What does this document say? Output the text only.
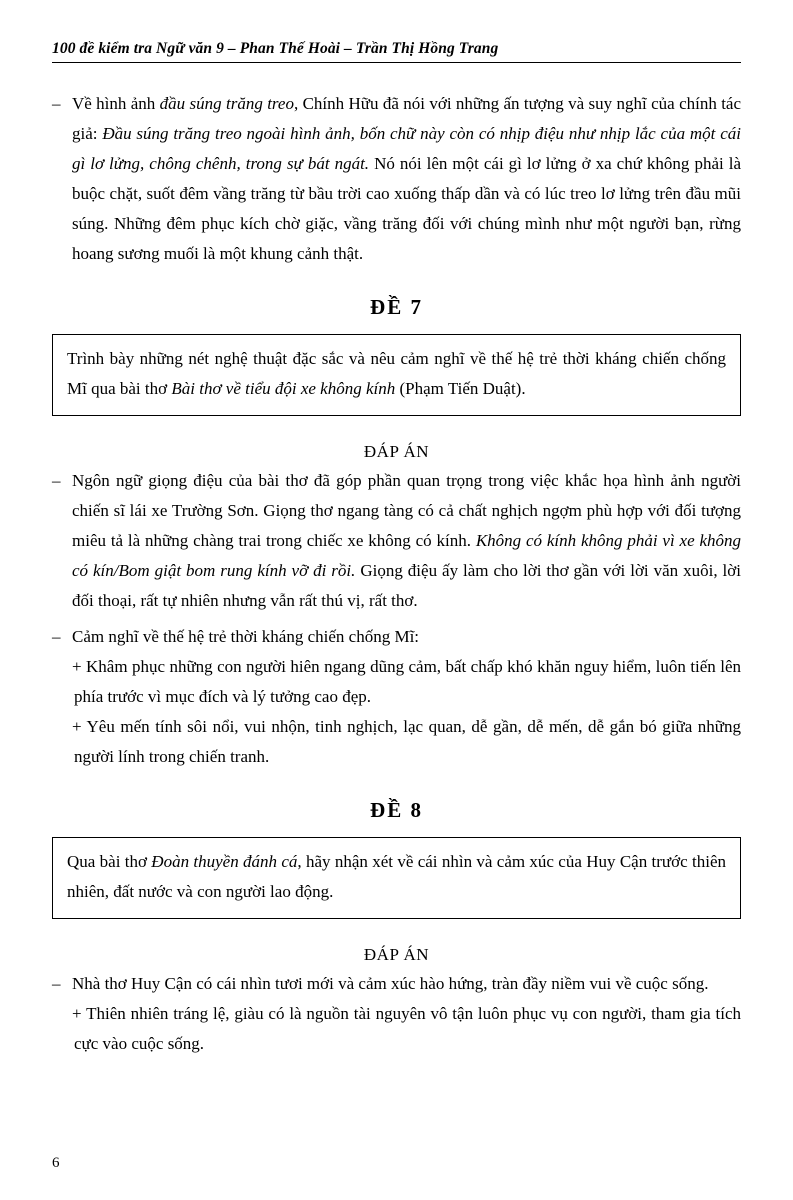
100 đề kiểm tra Ngữ văn 9 – Phan Thế Hoài – Trần Thị Hồng Trang
– Về hình ảnh đầu súng trăng treo, Chính Hữu đã nói với những ấn tượng và suy nghĩ của chính tác giả: Đầu súng trăng treo ngoài hình ảnh, bốn chữ này còn có nhịp điệu như nhịp lắc của một cái gì lơ lửng, chông chênh, trong sự bát ngát. Nó nói lên một cái gì lơ lửng ở xa chứ không phải là buộc chặt, suốt đêm vầng trăng từ bầu trời cao xuống thấp dần và có lúc treo lơ lửng trên đầu mũi súng. Những đêm phục kích chờ giặc, vầng trăng đối với chúng mình như một người bạn, rừng hoang sương muối là một khung cảnh thật.

ĐỀ 7
Trình bày những nét nghệ thuật đặc sắc và nêu cảm nghĩ về thế hệ trẻ thời kháng chiến chống Mĩ qua bài thơ Bài thơ về tiểu đội xe không kính (Phạm Tiến Duật).
ĐÁP ÁN
– Ngôn ngữ giọng điệu của bài thơ đã góp phần quan trọng trong việc khắc họa hình ảnh người chiến sĩ lái xe Trường Sơn. Giọng thơ ngang tàng có cả chất nghịch ngợm phù hợp với đối tượng miêu tả là những chàng trai trong chiếc xe không có kính. Không có kính không phải vì xe không có kín/Bom giật bom rung kính vỡ đi rồi. Giọng điệu ấy làm cho lời thơ gần với lời văn xuôi, lời đối thoại, rất tự nhiên nhưng vẫn rất thú vị, rất thơ.

– Cảm nghĩ về thế hệ trẻ thời kháng chiến chống Mĩ:

+ Khâm phục những con người hiên ngang dũng cảm, bất chấp khó khăn nguy hiểm, luôn tiến lên phía trước vì mục đích và lý tưởng cao đẹp.

+ Yêu mến tính sôi nổi, vui nhộn, tinh nghịch, lạc quan, dễ gần, dễ mến, dễ gắn bó giữa những người lính trong chiến tranh.

ĐỀ 8
Qua bài thơ Đoàn thuyền đánh cá, hãy nhận xét về cái nhìn và cảm xúc của Huy Cận trước thiên nhiên, đất nước và con người lao động.
ĐÁP ÁN
– Nhà thơ Huy Cận có cái nhìn tươi mới và cảm xúc hào hứng, tràn đầy niềm vui về cuộc sống.

+ Thiên nhiên tráng lệ, giàu có là nguồn tài nguyên vô tận luôn phục vụ con người, tham gia tích cực vào cuộc sống.

6
